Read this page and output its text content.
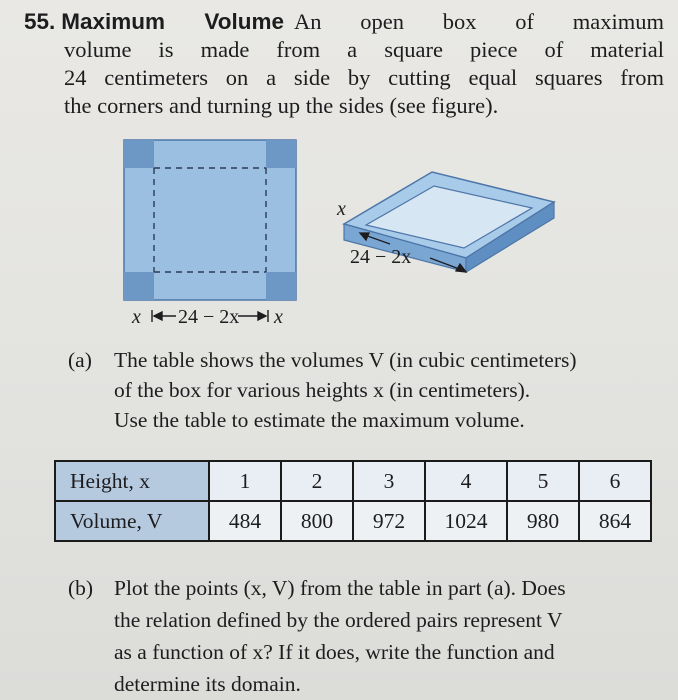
55. Maximum Volume An open box of maximum
volume is made from a square piece of material
24 centimeters on a side by cutting equal squares from
the corners and turning up the sides (see figure).
x 24 − 2x x
x
24 − 2x
(a)	The table shows the volumes V (in cubic centimeters)
of the box for various heights x (in centimeters).
Use the table to estimate the maximum volume.
Height, x	1	2	3	4	5	6
Volume, V	484	800	972	1024	980	864
(b) Plot the points (x, V) from the table in part (a). Does
the relation defined by the ordered pairs represent V
as a function of x? If it does, write the function and
determine its domain.
